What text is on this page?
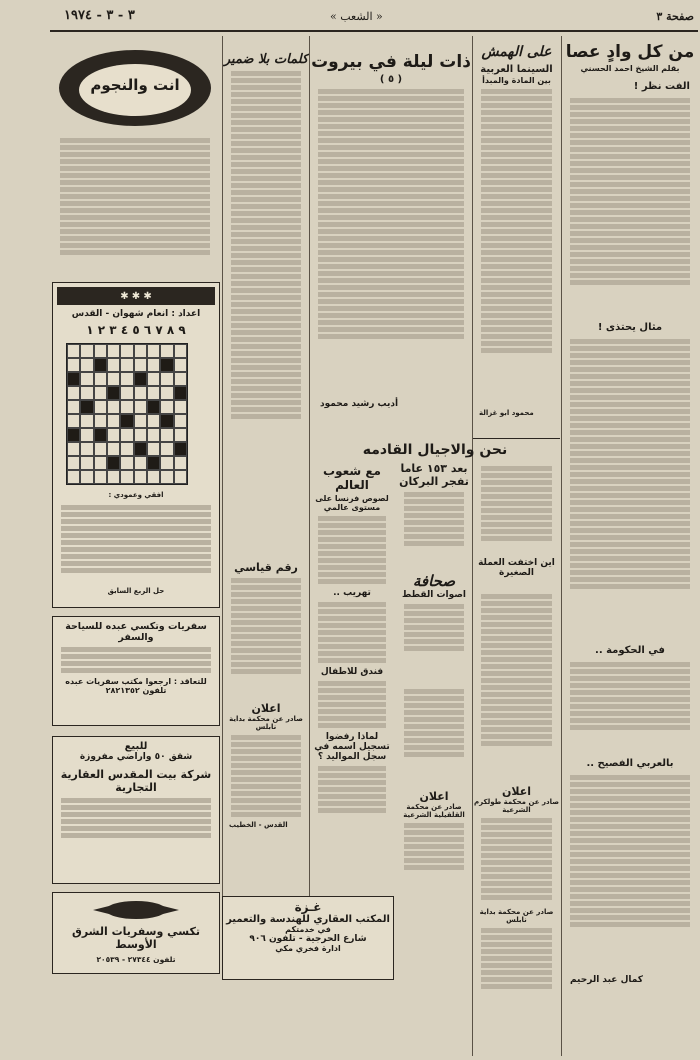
صفحة ٣
« الشعب »
٣ - ٣ - ١٩٧٤
من كل وادٍ عصا
بقلم الشيخ احمد الحسني
الفت نظر !
مثال يحتذى !
في الحكومة ..
بالعربي الفصيح ..
كمال عبد الرحيم
على الهمش
السينما العربية
بين المادة والمبدأ
محمود ابو غزالة
نحن والاجيال القادمه
اين اختفت العملة الصغيرة
اعلان
صادر عن محكمة طولكرم الشرعية
صادر عن محكمة بداية نابلس
ذات ليلة في بيروت
( ٥ )
أديب رشيد محمود
بعد ١٥٣ عاما تفجر البركان
صحافة
اصوات القطط
اعلان
صادر عن محكمة القلقيلية الشرعية
مع شعوب العالم
لصوص فرنسا على مستوى عالمي
تهريب ..
فندق للاطفال
لماذا رفضوا تسجيل اسمه في سجل المواليد ؟
كلمات بلا ضمير
رقم قياسي
اعلان
صادر عن محكمة بداية نابلس
القدس - الخطيب
انت والنجوم
✱ ✱ ✱
اعداد : انعام شهوان - القدس
٩ ٨ ٧ ٦ ٥ ٤ ٣ ٢ ١
افقي وعمودي :
حل الربع السابق
سفريات وتكسي عبده للسياحة والسفر
للتعاقد : ارجعوا مكتب سفريات عبده
تلفون ٢٨٢١٣٥٢
للبيع
شقق ٥٠ واراضي مفروزة
شركة بيت المقدس العقارية التجارية
تكسي وسفريات الشرق الأوسط
تلفون ٢٧٣٤٤ - ٢٠٥٣٩
غـزة
المكتب العقاري للهندسة والتعمير
في خدمتكم
شارع الحرجية - تلفون ٩٠٦
ادارة فخري مكي
